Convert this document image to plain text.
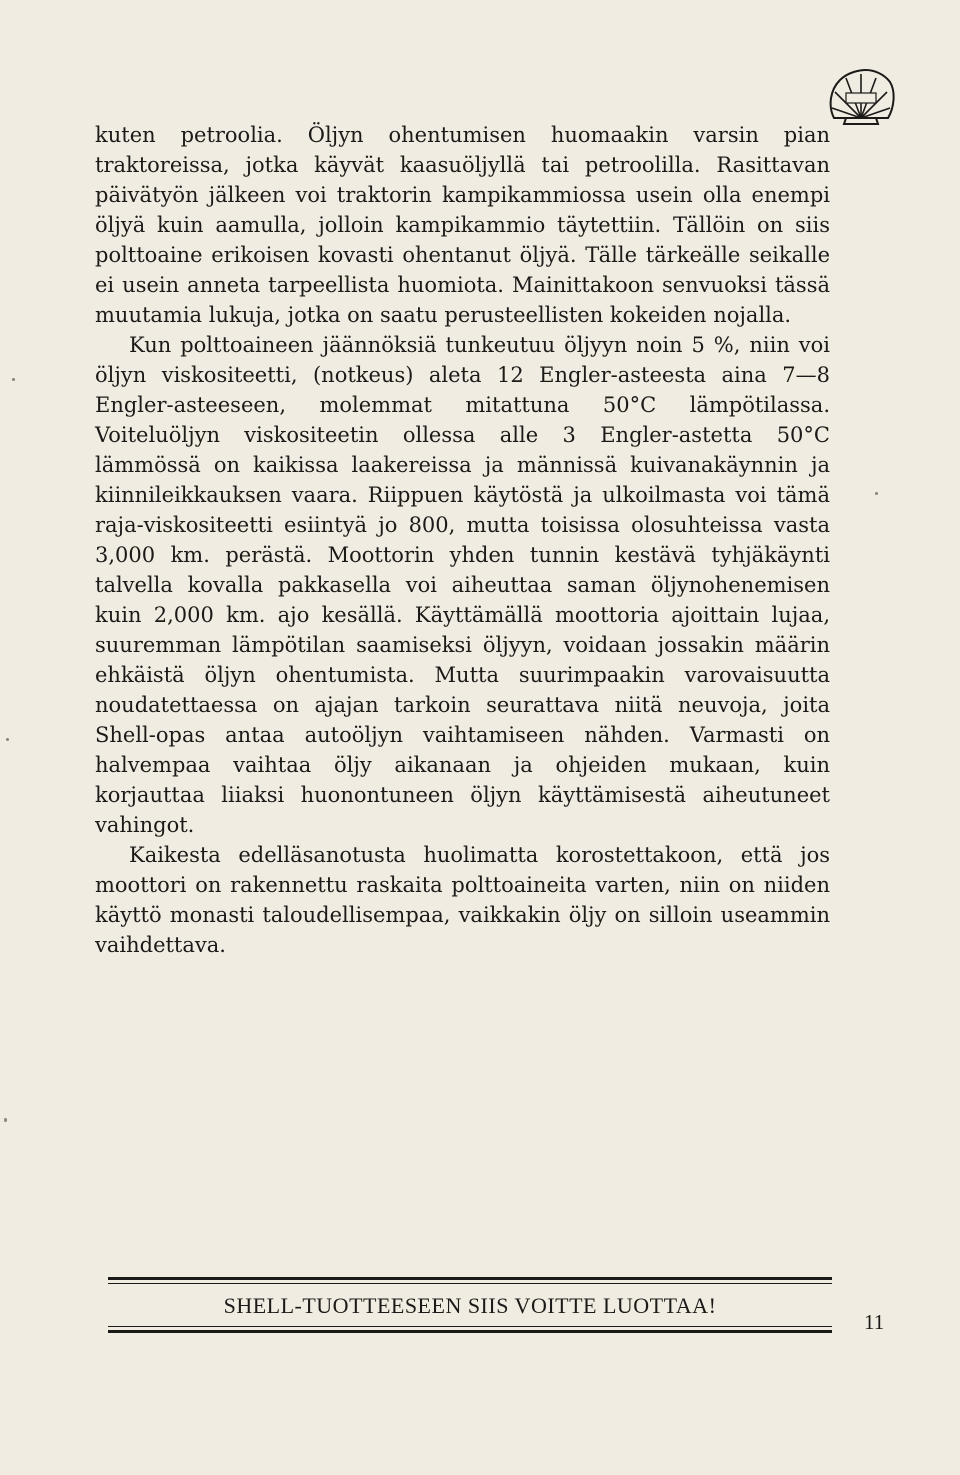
kuten petroolia. Öljyn ohentumisen huomaakin varsin pian traktoreissa, jotka käyvät kaasuöljyllä tai petroolilla. Rasittavan päivätyön jälkeen voi traktorin kampikammiossa usein olla enempi öljyä kuin aamulla, jolloin kampikammio täytettiin. Tällöin on siis polttoaine erikoisen kovasti ohentanut öljyä. Tälle tärkeälle seikalle ei usein anneta tarpeellista huomiota. Mainittakoon senvuoksi tässä muutamia lukuja, jotka on saatu perusteellisten kokeiden nojalla.

Kun polttoaineen jäännöksiä tunkeutuu öljyyn noin 5 %, niin voi öljyn viskositeetti, (notkeus) aleta 12 Engler-asteesta aina 7—8 Engler-asteeseen, molemmat mitattuna 50°C lämpötilassa. Voiteluöljyn viskositeetin ollessa alle 3 Engler-astetta 50°C lämmössä on kaikissa laakereissa ja männissä kuivanakäynnin ja kiinnileikkauksen vaara. Riippuen käytöstä ja ulkoilmasta voi tämä raja-viskositeetti esiintyä jo 800, mutta toisissa olosuhteissa vasta 3,000 km. perästä. Moottorin yhden tunnin kestävä tyhjäkäynti talvella kovalla pakkasella voi aiheuttaa saman öljynohenemisen kuin 2,000 km. ajo kesällä. Käyttämällä moottoria ajoittain lujaa, suuremman lämpötilan saamiseksi öljyyn, voidaan jossakin määrin ehkäistä öljyn ohentumista. Mutta suurimpaakin varovaisuutta noudatettaessa on ajajan tarkoin seurattava niitä neuvoja, joita Shell-opas antaa autoöljyn vaihtamiseen nähden. Varmasti on halvempaa vaihtaa öljy aikanaan ja ohjeiden mukaan, kuin korjauttaa liiaksi huonontuneen öljyn käyttämisestä aiheutuneet vahingot.

Kaikesta edelläsanotusta huolimatta korostettakoon, että jos moottori on rakennettu raskaita polttoaineita varten, niin on niiden käyttö monasti taloudellisempaa, vaikkakin öljy on silloin useammin vaihdettava.

SHELL-TUOTTEESEEN SIIS VOITTE LUOTTAA!
11
